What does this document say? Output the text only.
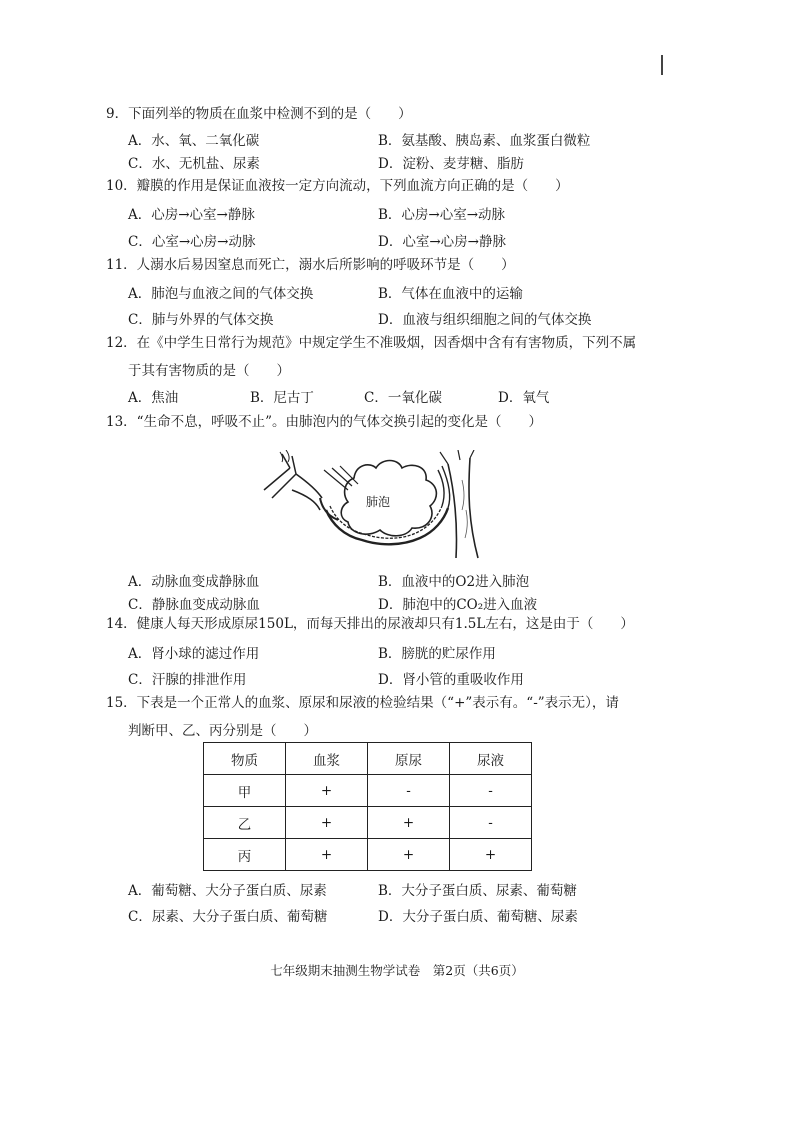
9．下面列举的物质在血浆中检测不到的是（　　）
A．水、氧、二氧化碳	B．氨基酸、胰岛素、血浆蛋白微粒
C．水、无机盐、尿素	D．淀粉、麦芽糖、脂肪
10．瓣膜的作用是保证血液按一定方向流动，下列血流方向正确的是（　　）
A．心房→心室→静脉	B．心房→心室→动脉
C．心室→心房→动脉	D．心室→心房→静脉
11．人溺水后易因窒息而死亡，溺水后所影响的呼吸环节是（　　）
A．肺泡与血液之间的气体交换	B．气体在血液中的运输
C．肺与外界的气体交换	D．血液与组织细胞之间的气体交换
12．在《中学生日常行为规范》中规定学生不准吸烟，因香烟中含有有害物质，下列不属
于其有害物质的是（　　）
A．焦油	B．尼古丁	C．一氧化碳	D．氧气
13．“生命不息，呼吸不止”。由肺泡内的气体交换引起的变化是（　　）
肺泡
A．动脉血变成静脉血	B．血液中的O2进入肺泡
C．静脉血变成动脉血	D．肺泡中的CO₂进入血液
14．健康人每天形成原尿150L，而每天排出的尿液却只有1.5L左右，这是由于（　　）
A．肾小球的滤过作用	B．膀胱的贮尿作用
C．汗腺的排泄作用	D．肾小管的重吸收作用
15．下表是一个正常人的血浆、原尿和尿液的检验结果（“+”表示有。“-”表示无），请
判断甲、乙、丙分别是（　　）
物质	血浆	原尿	尿液
甲	+	-	-
乙	+	+	-
丙	+	+	+
A．葡萄糖、大分子蛋白质、尿素	B．大分子蛋白质、尿素、葡萄糖
C．尿素、大分子蛋白质、葡萄糖	D．大分子蛋白质、葡萄糖、尿素
七年级期末抽测生物学试卷　第2页（共6页）
